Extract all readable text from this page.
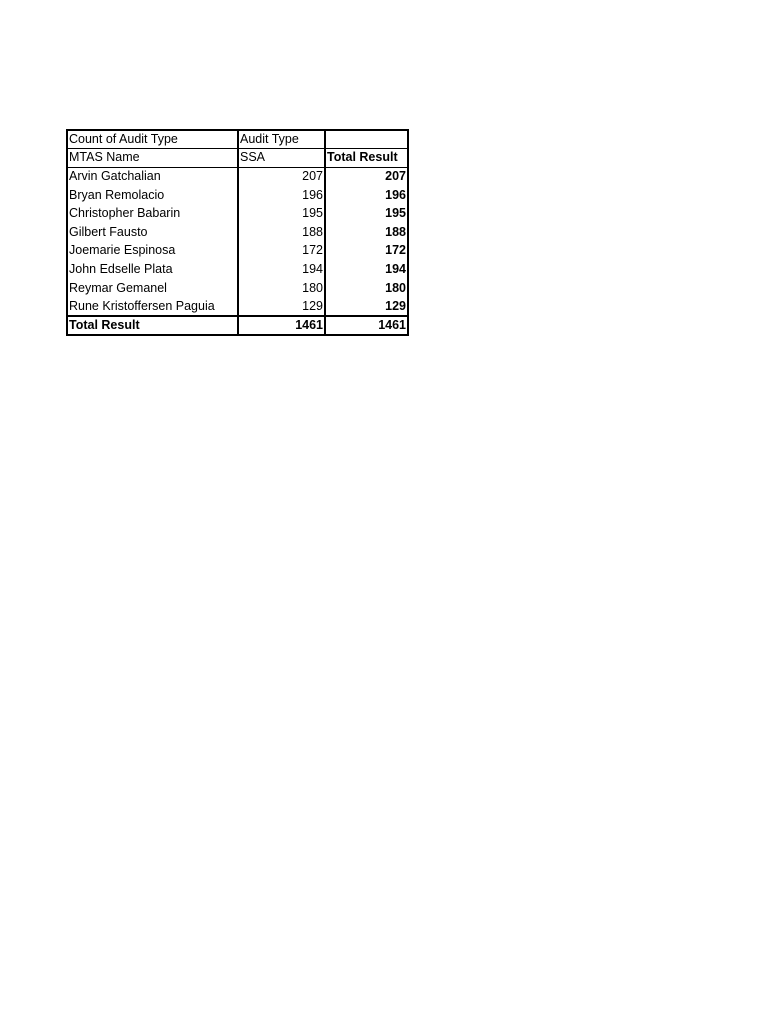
Count of Audit Type	Audit Type	
MTAS Name	SSA	Total Result
Arvin Gatchalian	207	207
Bryan Remolacio	196	196
Christopher Babarin	195	195
Gilbert Fausto	188	188
Joemarie Espinosa	172	172
John Edselle Plata	194	194
Reymar Gemanel	180	180
Rune Kristoffersen Paguia	129	129
Total Result	1461	1461
